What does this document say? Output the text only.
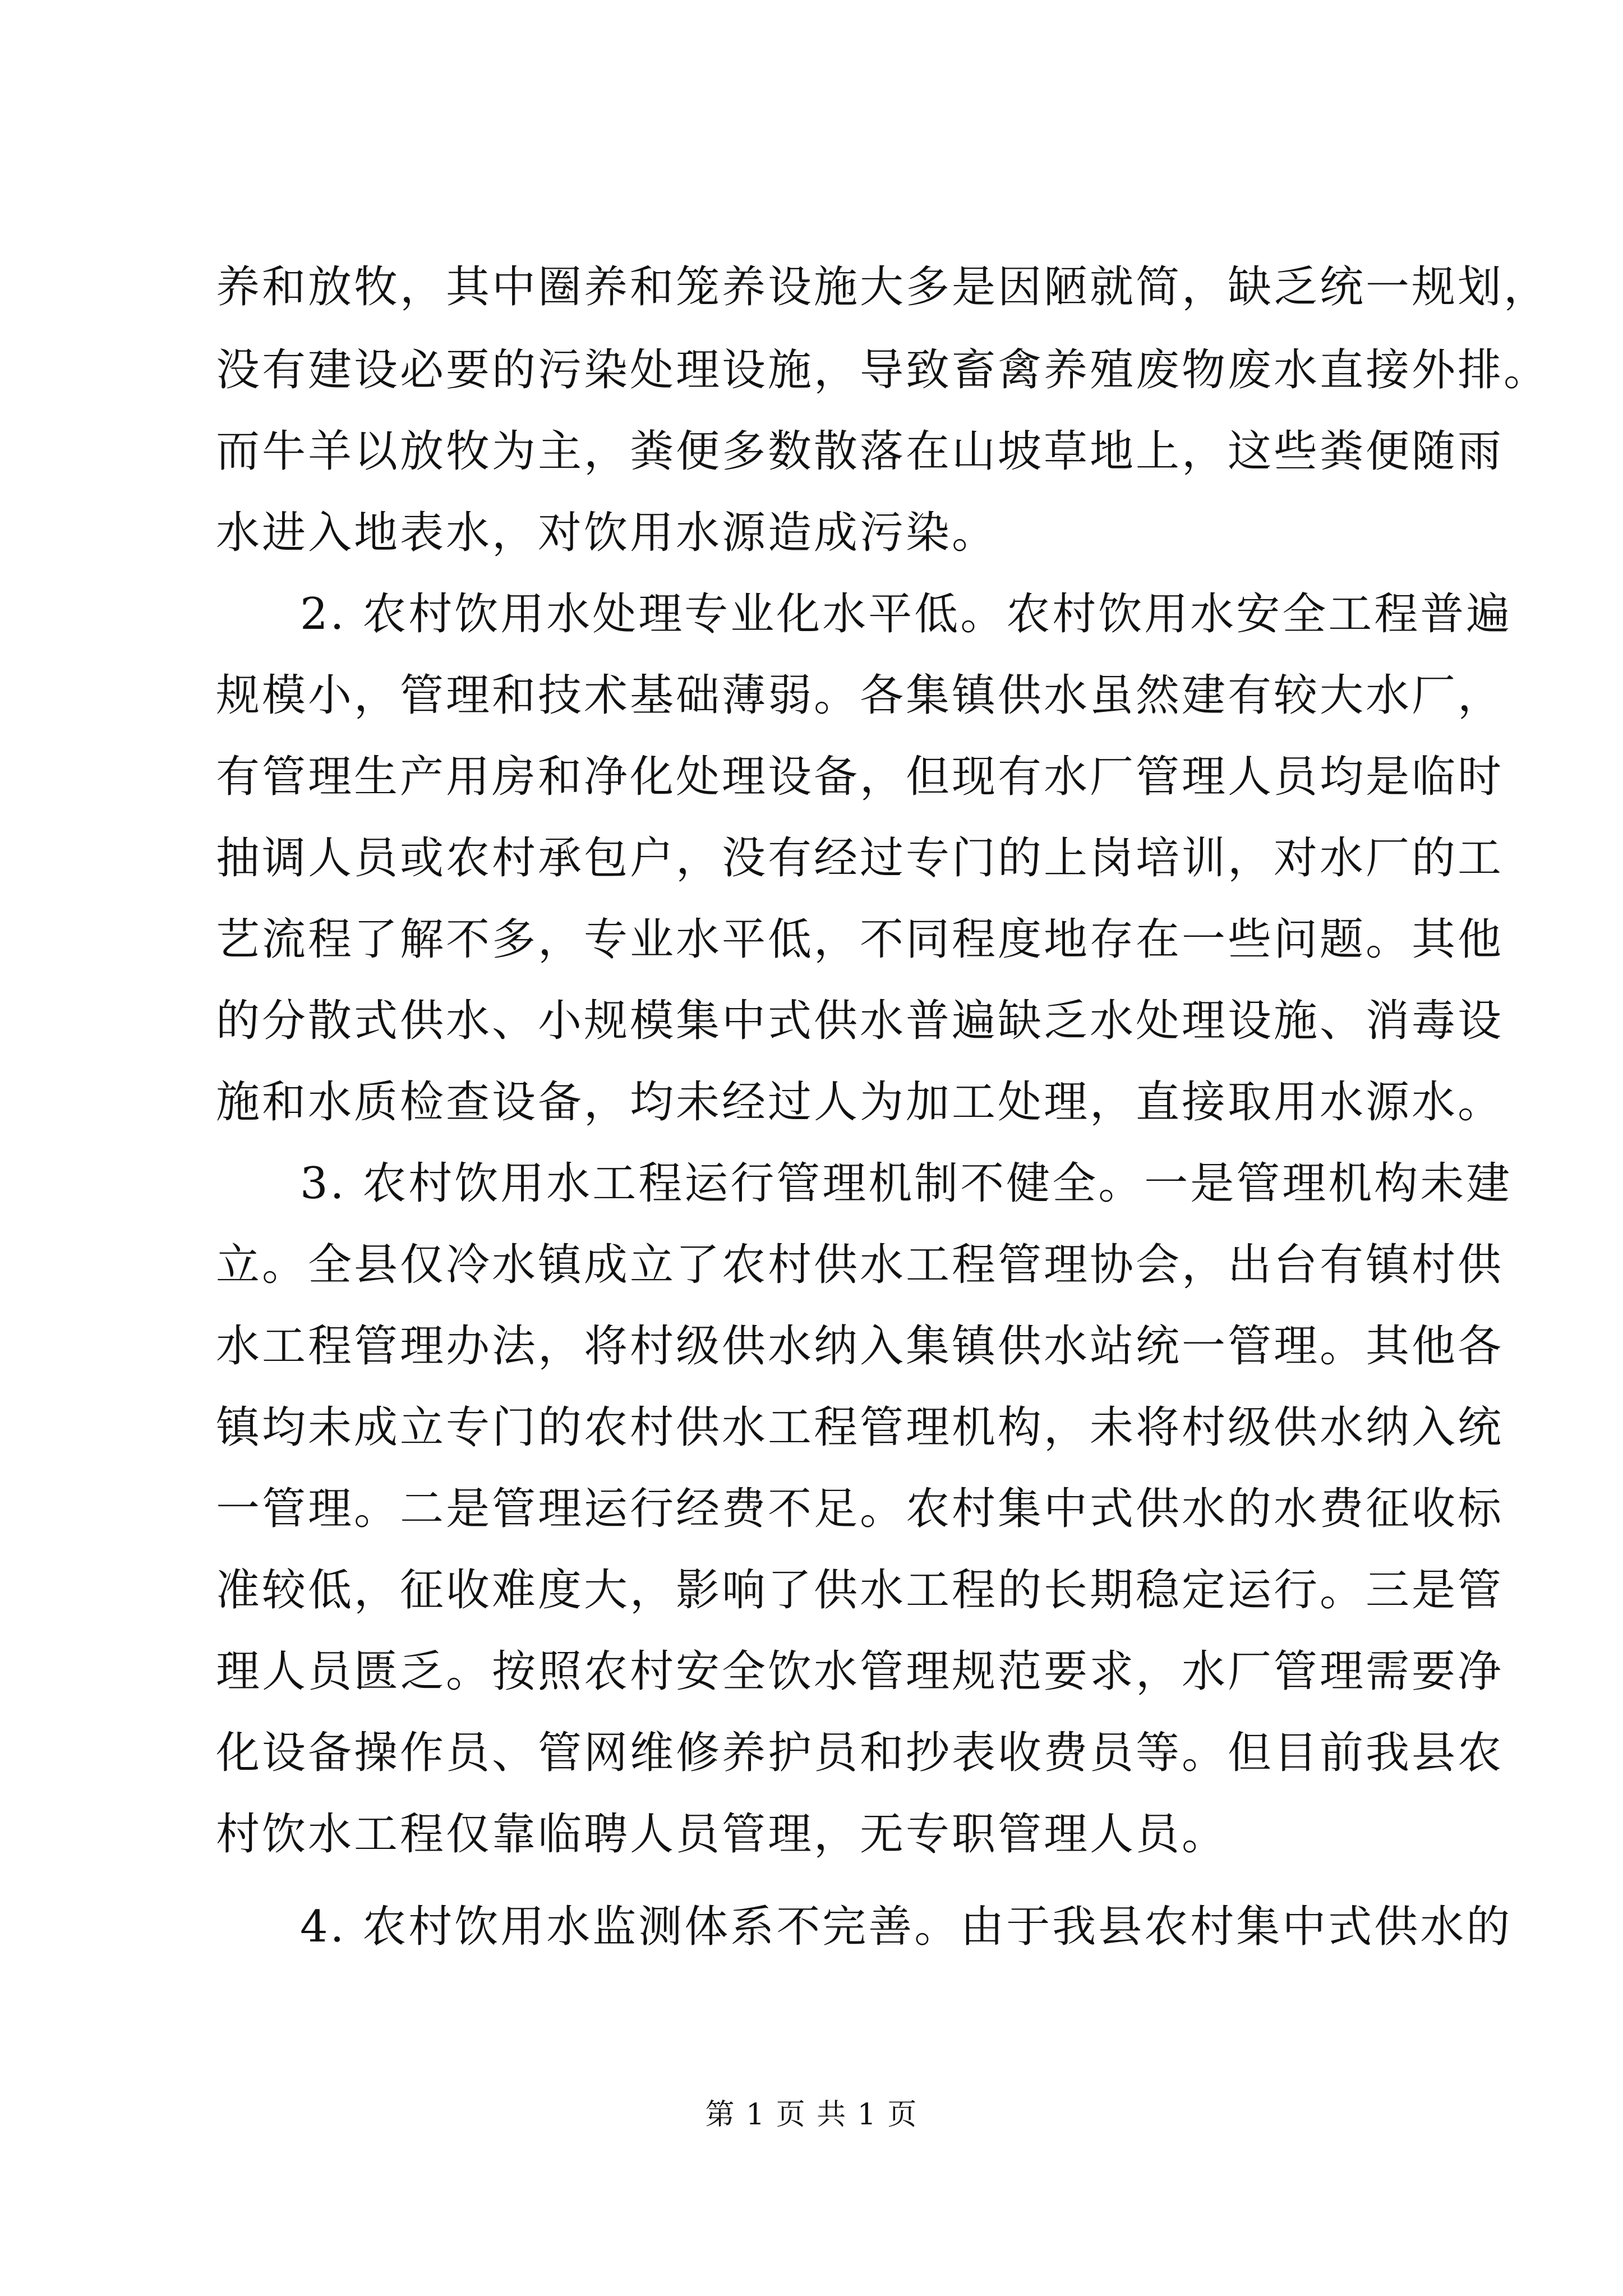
养和放牧，其中圈养和笼养设施大多是因陋就简，缺乏统一规划，

没有建设必要的污染处理设施，导致畜禽养殖废物废水直接外排。

而牛羊以放牧为主，粪便多数散落在山坡草地上，这些粪便随雨

水进入地表水，对饮用水源造成污染。

2. 农村饮用水处理专业化水平低。农村饮用水安全工程普遍

规模小，管理和技术基础薄弱。各集镇供水虽然建有较大水厂，

有管理生产用房和净化处理设备，但现有水厂管理人员均是临时

抽调人员或农村承包户，没有经过专门的上岗培训，对水厂的工

艺流程了解不多，专业水平低，不同程度地存在一些问题。其他

的分散式供水、小规模集中式供水普遍缺乏水处理设施、消毒设

施和水质检查设备，均未经过人为加工处理，直接取用水源水。

3. 农村饮用水工程运行管理机制不健全。一是管理机构未建

立。全县仅冷水镇成立了农村供水工程管理协会，出台有镇村供

水工程管理办法，将村级供水纳入集镇供水站统一管理。其他各

镇均未成立专门的农村供水工程管理机构，未将村级供水纳入统

一管理。二是管理运行经费不足。农村集中式供水的水费征收标

准较低，征收难度大，影响了供水工程的长期稳定运行。三是管

理人员匮乏。按照农村安全饮水管理规范要求，水厂管理需要净

化设备操作员、管网维修养护员和抄表收费员等。但目前我县农

村饮水工程仅靠临聘人员管理，无专职管理人员。

4. 农村饮用水监测体系不完善。由于我县农村集中式供水的

第 1 页 共 1 页
